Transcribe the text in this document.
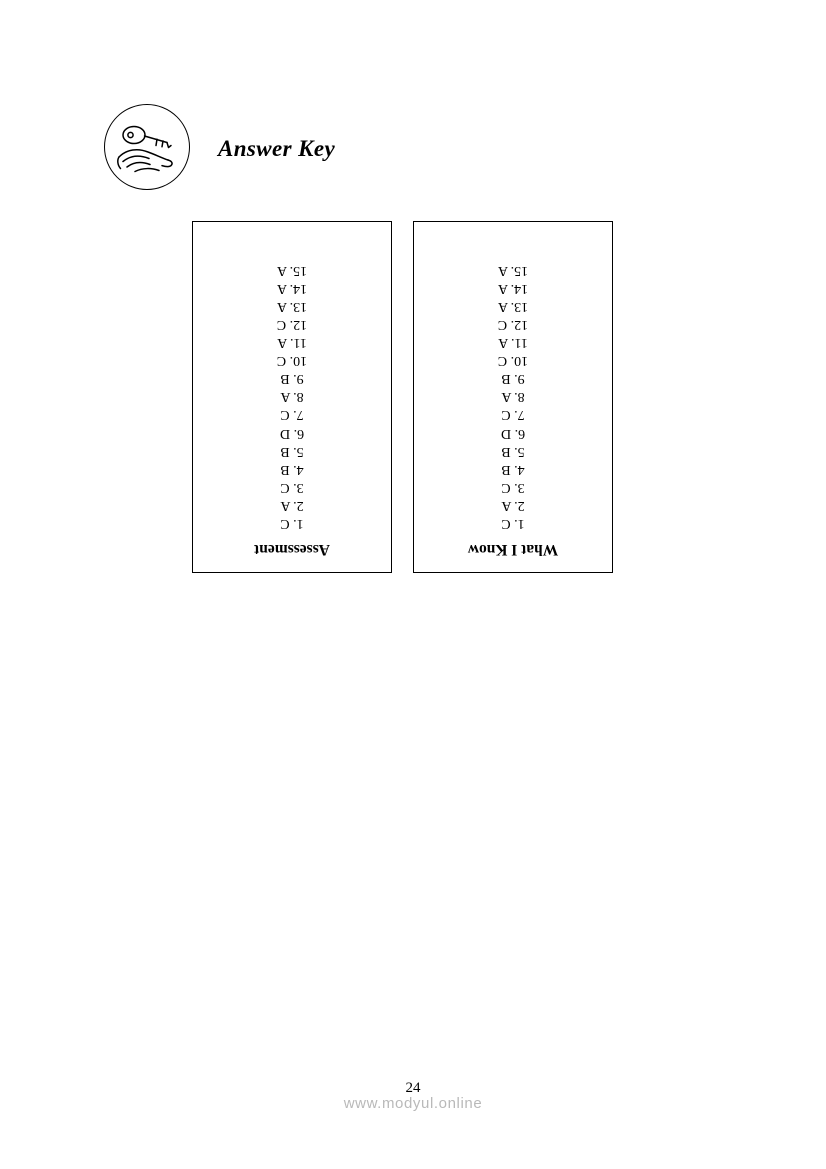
Answer Key
Assessment
1. C
2. A
3. C
4. B
5. B
6. D
7. C
8. A
9. B
10. C
11. A
12. C
13. A
14. A
15. A
What I Know
1. C
2. A
3. C
4. B
5. B
6. D
7. C
8. A
9. B
10. C
11. A
12. C
13. A
14. A
15. A
24
www.modyul.online
